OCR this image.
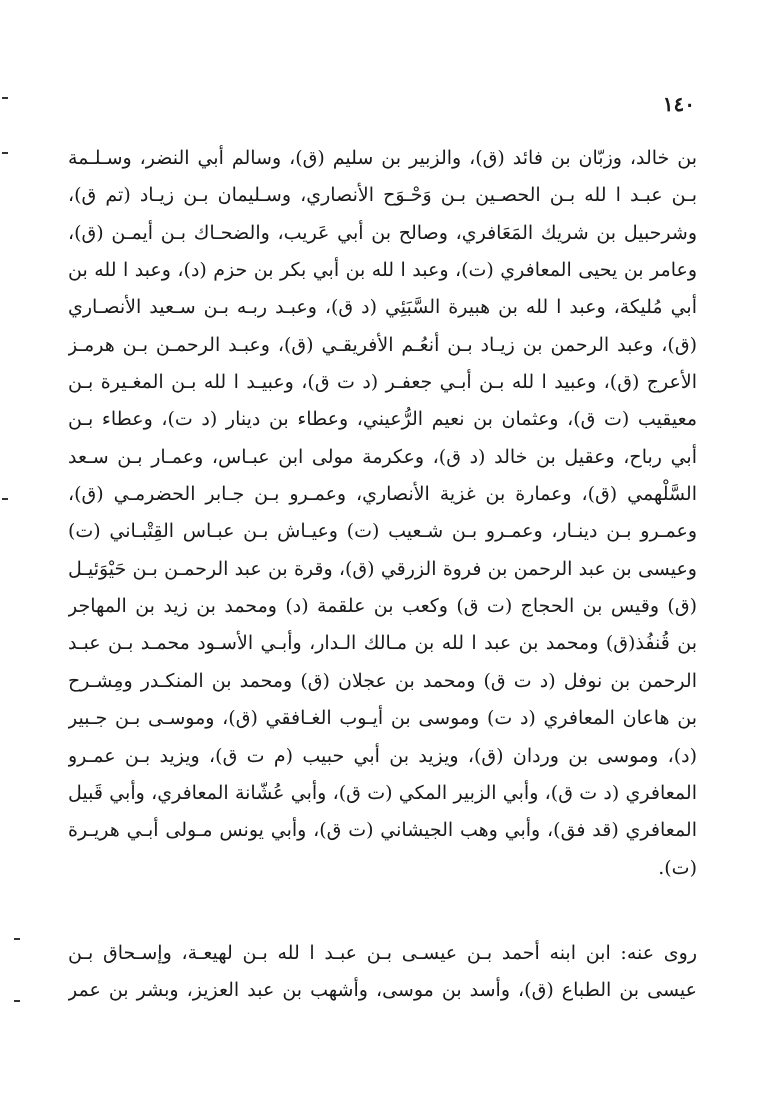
١٤٠
بن خالد، وزبّان بن فائد (ق)، والزبير بن سليم (ق)، وسالم أبي النضر، وسـلـمة
بـن عبـد ا لله بـن الحصـين بـن وَحْـوَح الأنصاري، وسـليمان بـن زيـاد (تم ق)،
وشرحبيل بن شريك المَعَافري، وصالح بن أبي عَريب، والضحـاك بـن أيمـن (ق)،
وعامر بن يحيى المعافري (ت)، وعبد ا لله بن أبي بكر بن حزم (د)، وعبد ا لله بن
أبي مُليكة، وعبد ا لله بن هبيرة السَّبَئِي (د ق)، وعبـد ربـه بـن سـعيد الأنصـاري
(ق)، وعبد الرحمن بن زيـاد بـن أنعُـم الأفريقـي (ق)، وعبـد الرحمـن بـن هرمـز
الأعرج (ق)، وعبيد ا لله بـن أبـي جعفـر (د ت ق)، وعبيـد ا لله بـن المغـيرة بـن
معيقيب (ت ق)، وعثمان بن نعيم الرُّعيني، وعطاء بن دينار (د ت)، وعطاء بـن
أبي رباح، وعقيل بن خالد (د ق)، وعكرمة مولى ابن عبـاس، وعمـار بـن سـعد
السَّلْهمي (ق)، وعمارة بن غزية الأنصاري، وعمـرو بـن جـابر الحضرمـي (ق)،
وعمـرو بـن دينـار، وعمـرو بـن شـعيب (ت) وعيـاش بـن عبـاس القِتْبـاني (ت)
وعيسى بن عبد الرحمن بن فروة الزرقي (ق)، وقرة بن عبد الرحمـن بـن حَيْوَئيـل
(ق) وقيس بن الحجاج (ت ق) وكعب بن علقمة (د) ومحمد بن زيد بن المهاجر
بن قُنفُذ(ق) ومحمد بن عبد ا لله بن مـالك الـدار، وأبـي الأسـود محمـد بـن عبـد
الرحمن بن نوفل (د ت ق) ومحمد بن عجلان (ق) ومحمد بن المنكـدر ومِشـرح
بن هاعان المعافري (د ت) وموسى بن أيـوب الغـافقي (ق)، وموسـى بـن جـبير
(د)، وموسى بن وردان (ق)، ويزيد بن أبي حبيب (م ت ق)، ويزيد بـن عمـرو
المعافري (د ت ق)، وأبي الزبير المكي (ت ق)، وأبي عُشّانة المعافري، وأبي قَبيل
المعافري (قد فق)، وأبي وهب الجيشاني (ت ق)، وأبي يونس مـولى أبـي هريـرة
(ت).
روى عنه: ابن ابنه أحمد بـن عيسـى بـن عبـد ا لله بـن لهيعـة، وإسـحاق بـن
عيسى بن الطباع (ق)، وأسد بن موسى، وأشهب بن عبد العزيز، وبشر بن عمر
